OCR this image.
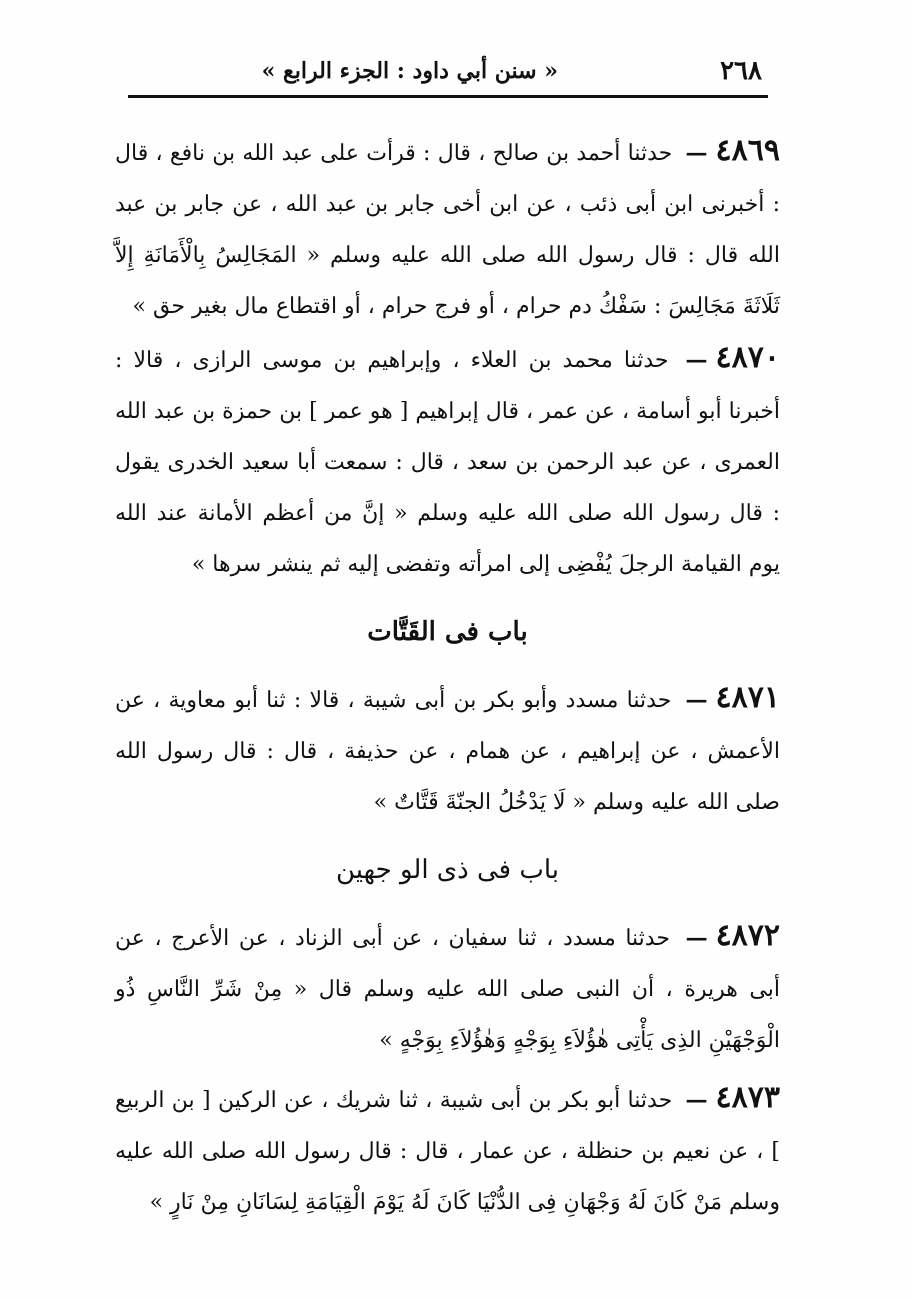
٢٦٨
« سنن أبي داود : الجزء الرابع »

٤٨٦٩— حدثنا أحمد بن صالح ، قال : قرأت على عبد الله بن نافع ، قال : أخبرنى ابن أبى ذئب ، عن ابن أخى جابر بن عبد الله ، عن جابر بن عبد الله قال : قال رسول الله صلى الله عليه وسلم « المَجَالِسُ بِالْأَمَانَةِ إِلاَّ ثَلَاثَةَ مَجَالِسَ : سَفْكُ دم حرام ، أو فرج حرام ، أو اقتطاع مال بغير حق »

٤٨٧٠— حدثنا محمد بن العلاء ، وإبراهيم بن موسى الرازى ، قالا : أخبرنا أبو أسامة ، عن عمر ، قال إبراهيم [ هو عمر ] بن حمزة بن عبد الله العمرى ، عن عبد الرحمن بن سعد ، قال : سمعت أبا سعيد الخدرى يقول : قال رسول الله صلى الله عليه وسلم « إنَّ من أعظم الأمانة عند الله يوم القيامة الرجلَ يُفْضِى إلى امرأته وتفضى إليه ثم ينشر سرها »

باب فى القَتَّات

٤٨٧١— حدثنا مسدد وأبو بكر بن أبى شيبة ، قالا : ثنا أبو معاوية ، عن الأعمش ، عن إبراهيم ، عن همام ، عن حذيفة ، قال : قال رسول الله صلى الله عليه وسلم « لَا يَدْخُلُ الجنّةَ قَتَّاتٌ »

باب فى ذى الو جهين

٤٨٧٢— حدثنا مسدد ، ثنا سفيان ، عن أبى الزناد ، عن الأعرج ، عن أبى هريرة ، أن النبى صلى الله عليه وسلم قال « مِنْ شَرِّ النَّاسِ ذُو الْوَجْهَيْنِ الذِى يَأْتِى هٰؤُلاَءِ بِوَجْهٍ وَهٰؤُلاَءِ بِوَجْهٍ »

٤٨٧٣— حدثنا أبو بكر بن أبى شيبة ، ثنا شريك ، عن الركين [ بن الربيع ] ، عن نعيم بن حنظلة ، عن عمار ، قال : قال رسول الله صلى الله عليه وسلم مَنْ كَانَ لَهُ وَجْهَانِ فِى الدُّنْيَا كَانَ لَهُ يَوْمَ الْقِيَامَةِ لِسَانَانِ مِنْ نَارٍ »
